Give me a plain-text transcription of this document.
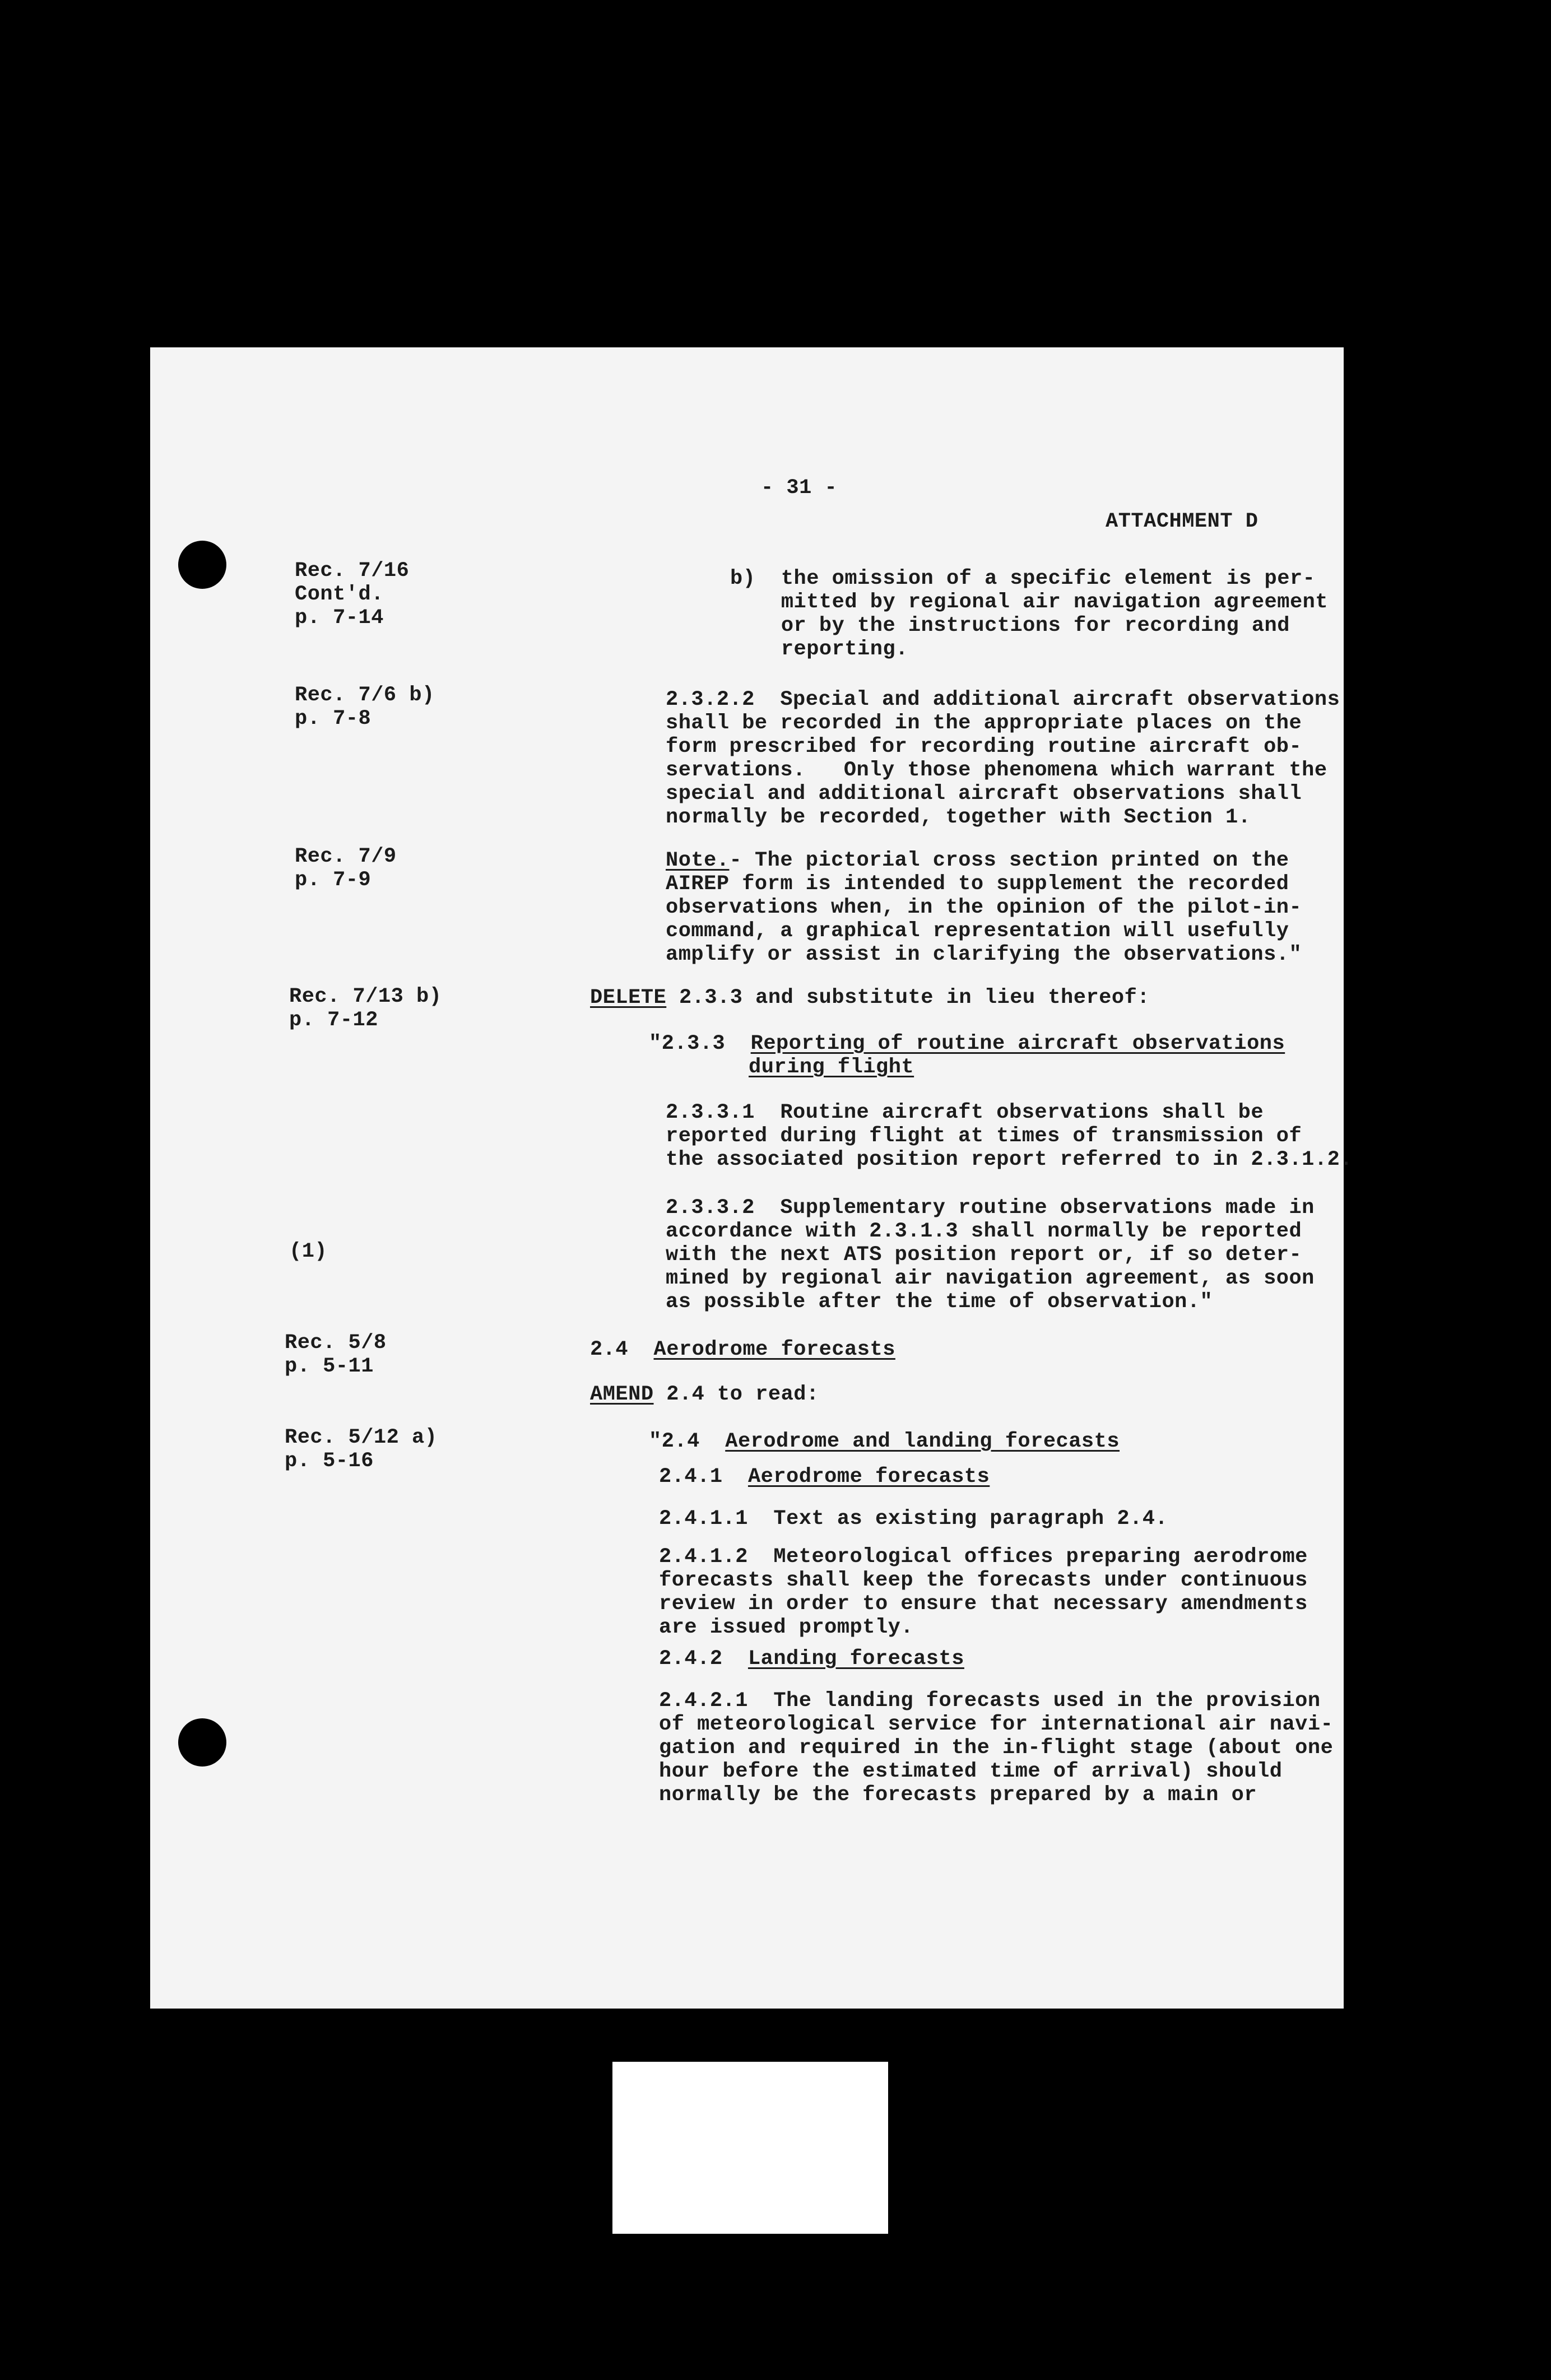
- 31 -
ATTACHMENT D
Rec. 7/16
Cont'd.
p. 7-14
Rec. 7/6 b)
p. 7-8
Rec. 7/9
p. 7-9
Rec. 7/13 b)
p. 7-12
(1)
Rec. 5/8
p. 5-11
Rec. 5/12 a)
p. 5-16
b)  the omission of a specific element is per-
mitted by regional air navigation agreement
or by the instructions for recording and
reporting.
2.3.2.2  Special and additional aircraft observations
shall be recorded in the appropriate places on the
form prescribed for recording routine aircraft ob-
servations.   Only those phenomena which warrant the
special and additional aircraft observations shall
normally be recorded, together with Section 1.
Note.- The pictorial cross section printed on the
AIREP form is intended to supplement the recorded
observations when, in the opinion of the pilot-in-
command, a graphical representation will usefully
amplify or assist in clarifying the observations."
DELETE 2.3.3 and substitute in lieu thereof:
"2.3.3  Reporting of routine aircraft observations
during flight
2.3.3.1  Routine aircraft observations shall be
reported during flight at times of transmission of
the associated position report referred to in 2.3.1.2.
2.3.3.2  Supplementary routine observations made in
accordance with 2.3.1.3 shall normally be reported
with the next ATS position report or, if so deter-
mined by regional air navigation agreement, as soon
as possible after the time of observation."
2.4  Aerodrome forecasts
AMEND 2.4 to read:
"2.4  Aerodrome and landing forecasts
2.4.1  Aerodrome forecasts
2.4.1.1  Text as existing paragraph 2.4.
2.4.1.2  Meteorological offices preparing aerodrome
forecasts shall keep the forecasts under continuous
review in order to ensure that necessary amendments
are issued promptly.
2.4.2  Landing forecasts
2.4.2.1  The landing forecasts used in the provision
of meteorological service for international air navi-
gation and required in the in-flight stage (about one
hour before the estimated time of arrival) should
normally be the forecasts prepared by a main or
